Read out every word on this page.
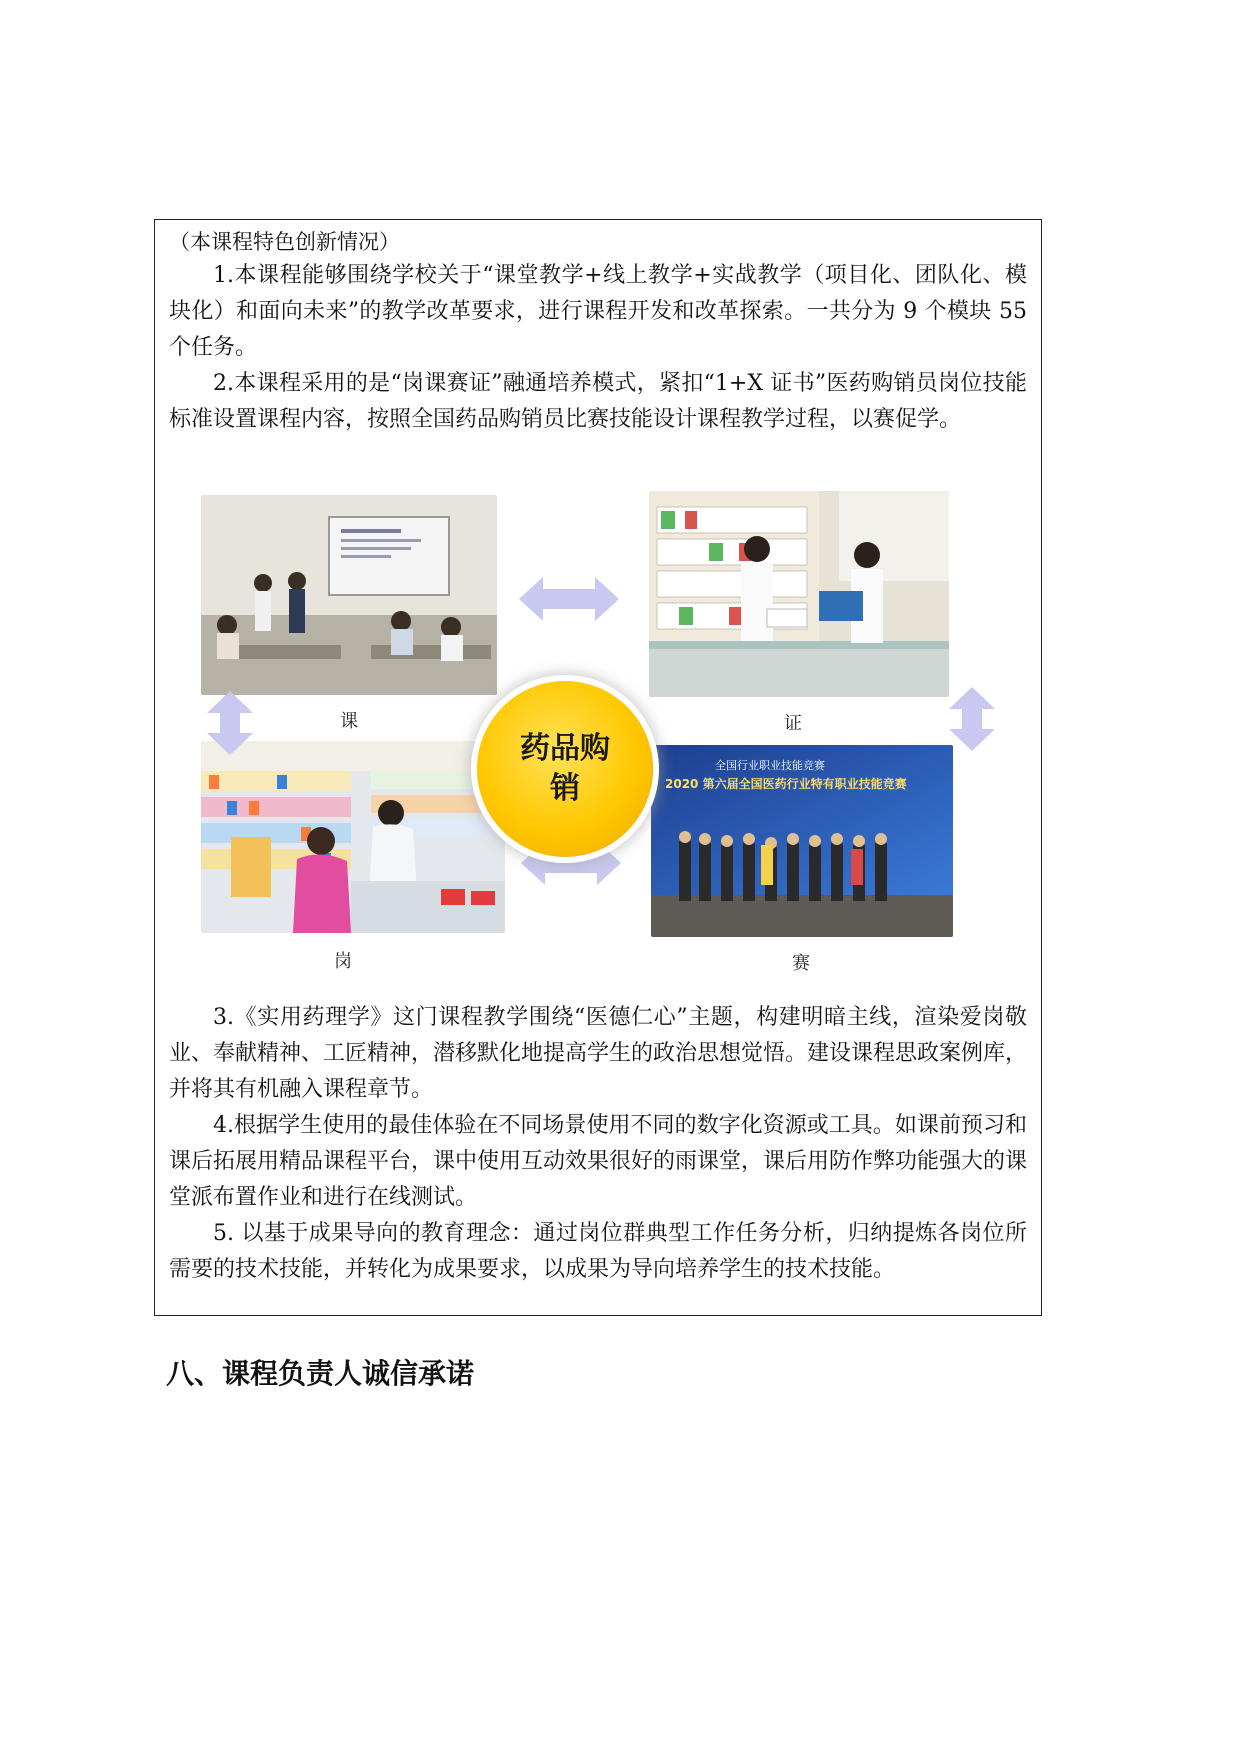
（本课程特色创新情况）

1.本课程能够围绕学校关于“课堂教学+线上教学+实战教学（项目化、团队化、模块化）和面向未来”的教学改革要求，进行课程开发和改革探索。一共分为 9 个模块 55 个任务。

2.本课程采用的是“岗课赛证”融通培养模式，紧扣“1+X 证书”医药购销员岗位技能标准设置课程内容，按照全国药品购销员比赛技能设计课程教学过程，以赛促学。

课	证
岗
全国行业职业技能竞赛
2020 第六届全国医药行业特有职业技能竞赛
赛
药品购销

3.《实用药理学》这门课程教学围绕“医德仁心”主题，构建明暗主线，渲染爱岗敬业、奉献精神、工匠精神，潜移默化地提高学生的政治思想觉悟。建设课程思政案例库，并将其有机融入课程章节。

4.根据学生使用的最佳体验在不同场景使用不同的数字化资源或工具。如课前预习和课后拓展用精品课程平台，课中使用互动效果很好的雨课堂，课后用防作弊功能强大的课堂派布置作业和进行在线测试。

5. 以基于成果导向的教育理念：通过岗位群典型工作任务分析，归纳提炼各岗位所需要的技术技能，并转化为成果要求，以成果为导向培养学生的技术技能。

八、课程负责人诚信承诺
